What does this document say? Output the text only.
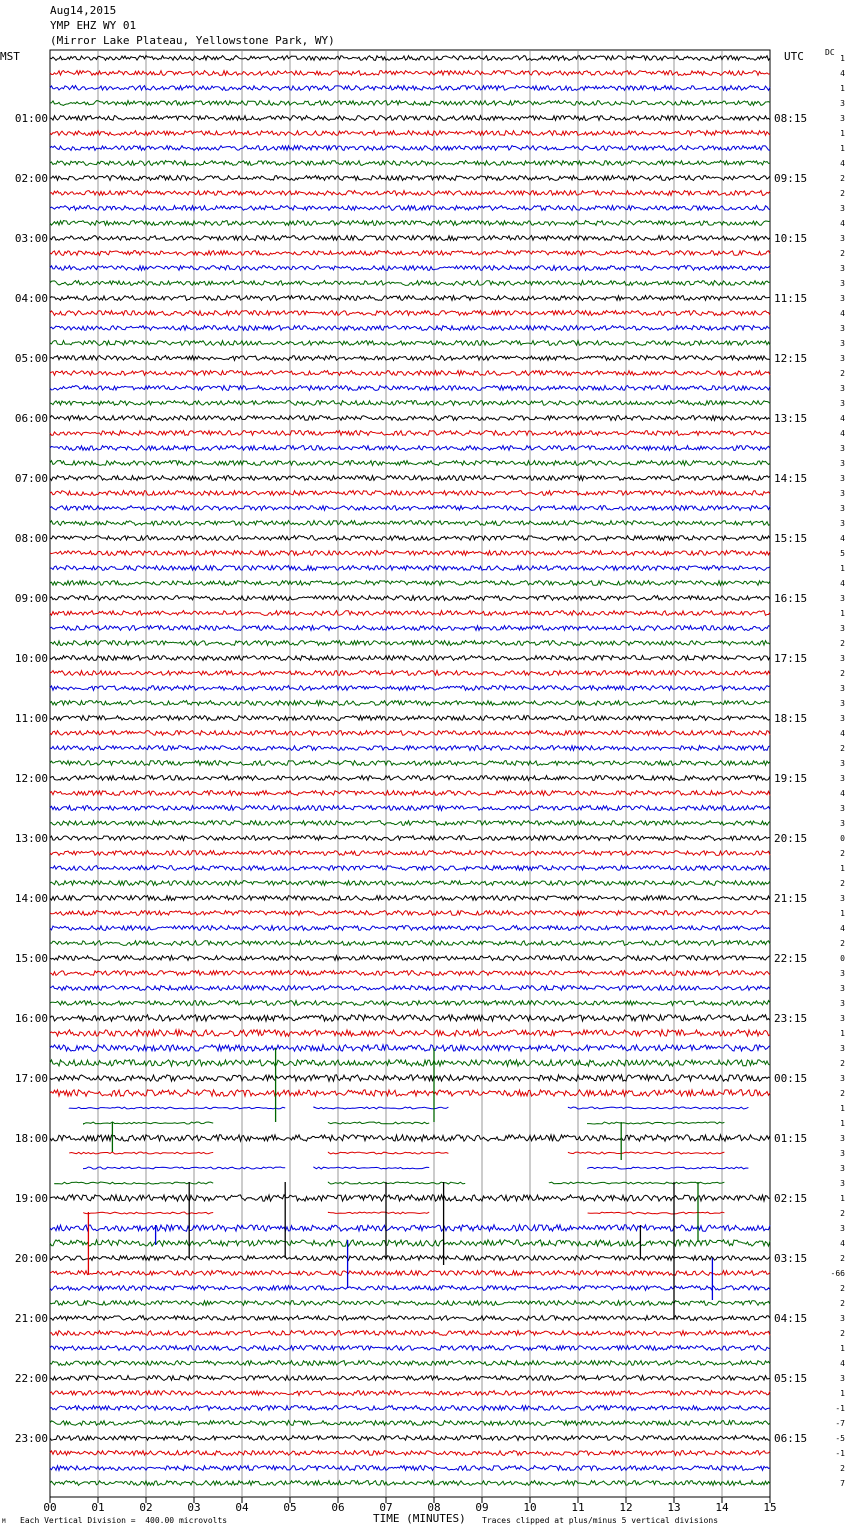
Aug14,2015
YMP EHZ WY 01
(Mirror Lake Plateau, Yellowstone Park, WY)
MST	UTC	DC
00	01	02	03	04	05	06	07	08	09	10	11	12	13	14	15
01:00
02:00
03:00
04:00
05:00
06:00
07:00
08:00
09:00
10:00
11:00
12:00
13:00
14:00
15:00
16:00
17:00
18:00
19:00
20:00
21:00
22:00
23:00
08:15
09:15
10:15
11:15
12:15
13:15
14:15
15:15
16:15
17:15
18:15
19:15
20:15
21:15
22:15
23:15
00:15
01:15
02:15
03:15
04:15
05:15
06:15
1
4
1
3
3
1
1
4
2
2
3
4
3
2
3
3
3
4
3
3
3
2
3
3
4
4
3
3
3
3
3
3
4
5
1
4
3
1
3
2
3
2
3
3
3
4
2
3
3
4
3
3
0
2
1
2
3
1
4
2
0
3
3
3
3
1
3
2
3
2
1
1
3
3
3
3
1
2
3
4
2
-66
2
2
3
2
1
4
3
1
-1
-7
-5
-1
2
7
TIME (MINUTES)
Each Vertical Division =  400.00 microvolts	Traces clipped at plus/minus 5 vertical divisions
M
